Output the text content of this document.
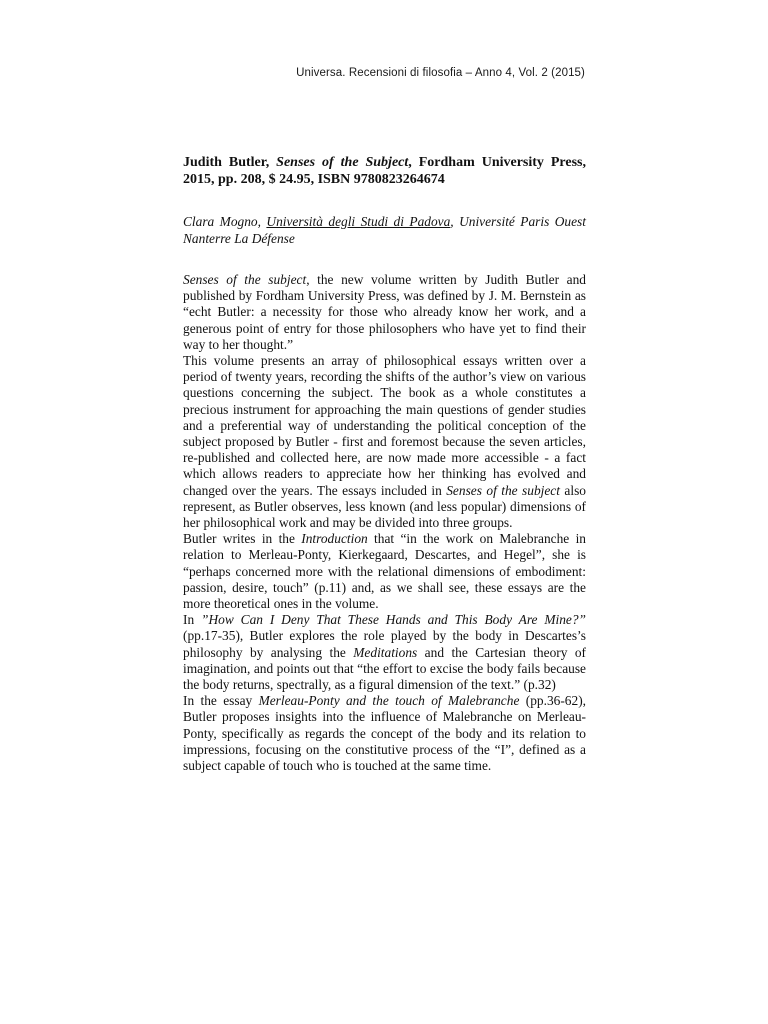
Universa. Recensioni di filosofia – Anno 4, Vol. 2 (2015)
Judith Butler, Senses of the Subject, Fordham University Press, 2015, pp. 208, $ 24.95, ISBN 9780823264674

Clara Mogno, Università degli Studi di Padova, Université Paris Ouest Nanterre La Défense

Senses of the subject, the new volume written by Judith Butler and published by Fordham University Press, was defined by J. M. Bernstein as “echt Butler: a necessity for those who already know her work, and a generous point of entry for those philosophers who have yet to find their way to her thought.”

This volume presents an array of philosophical essays written over a period of twenty years, recording the shifts of the author’s view on various questions concerning the subject. The book as a whole constitutes a precious instrument for approaching the main questions of gender studies and a preferential way of understanding the political conception of the subject proposed by Butler - first and foremost because the seven articles, re-published and collected here, are now made more accessible - a fact which allows readers to appreciate how her thinking has evolved and changed over the years. The essays included in Senses of the subject also represent, as Butler observes, less known (and less popular) dimensions of her philosophical work and may be divided into three groups.

Butler writes in the Introduction that “in the work on Malebranche in relation to Merleau-Ponty, Kierkegaard, Descartes, and Hegel”, she is “perhaps concerned more with the relational dimensions of embodiment: passion, desire, touch” (p.11) and, as we shall see, these essays are the more theoretical ones in the volume.

In ”How Can I Deny That These Hands and This Body Are Mine?” (pp.17-35), Butler explores the role played by the body in Descartes’s philosophy by analysing the Meditations and the Cartesian theory of imagination, and points out that “the effort to excise the body fails because the body returns, spectrally, as a figural dimension of the text.” (p.32)

In the essay Merleau-Ponty and the touch of Malebranche (pp.36-62), Butler proposes insights into the influence of Malebranche on Merleau-Ponty, specifically as regards the concept of the body and its relation to impressions, focusing on the constitutive process of the “I”, defined as a subject capable of touch who is touched at the same time.
